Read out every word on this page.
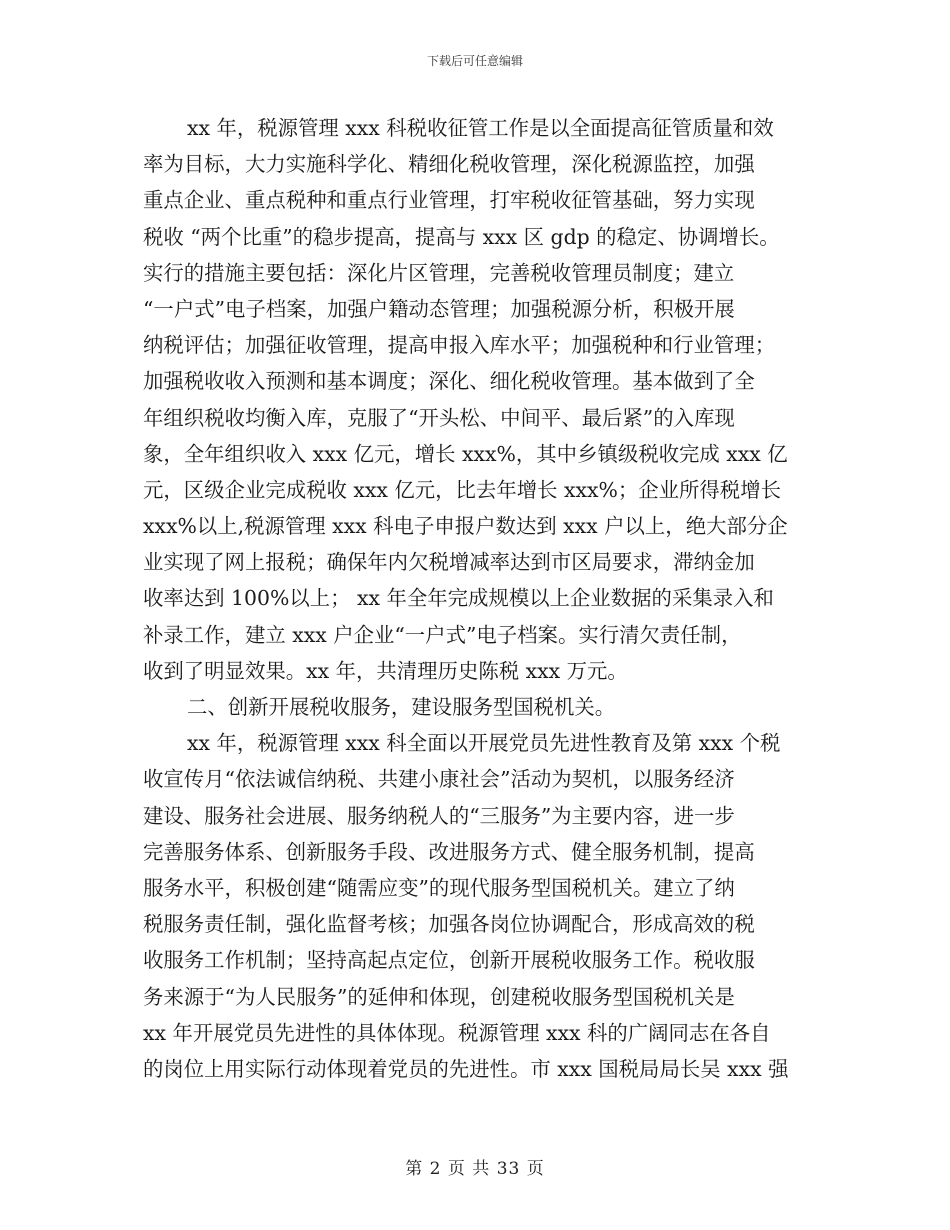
下载后可任意编辑
xx 年，税源管理 xxx 科税收征管工作是以全面提高征管质量和效
率为目标，大力实施科学化、精细化税收管理，深化税源监控，加强
重点企业、重点税种和重点行业管理，打牢税收征管基础，努力实现
税收 “两个比重”的稳步提高，提高与 xxx 区 gdp 的稳定、协调增长。
实行的措施主要包括：深化片区管理，完善税收管理员制度；建立
“一户式”电子档案，加强户籍动态管理；加强税源分析，积极开展
纳税评估；加强征收管理，提高申报入库水平；加强税种和行业管理；
加强税收收入预测和基本调度；深化、细化税收管理。基本做到了全
年组织税收均衡入库，克服了“开头松、中间平、最后紧”的入库现
象，全年组织收入 xxx 亿元，增长 xxx%，其中乡镇级税收完成 xxx 亿
元，区级企业完成税收 xxx 亿元，比去年增长 xxx%；企业所得税增长
xxx%以上,税源管理 xxx 科电子申报户数达到 xxx 户以上，绝大部分企
业实现了网上报税；确保年内欠税增减率达到市区局要求，滞纳金加
收率达到 100%以上； xx 年全年完成规模以上企业数据的采集录入和
补录工作，建立 xxx 户企业“一户式”电子档案。实行清欠责任制，
收到了明显效果。xx 年，共清理历史陈税 xxx 万元。
二、创新开展税收服务，建设服务型国税机关。
xx 年，税源管理 xxx 科全面以开展党员先进性教育及第 xxx 个税
收宣传月“依法诚信纳税、共建小康社会”活动为契机，以服务经济
建设、服务社会进展、服务纳税人的“三服务”为主要内容，进一步
完善服务体系、创新服务手段、改进服务方式、健全服务机制，提高
服务水平，积极创建“随需应变”的现代服务型国税机关。建立了纳
税服务责任制，强化监督考核；加强各岗位协调配合，形成高效的税
收服务工作机制；坚持高起点定位，创新开展税收服务工作。税收服
务来源于“为人民服务”的延伸和体现，创建税收服务型国税机关是
xx 年开展党员先进性的具体体现。税源管理 xxx 科的广阔同志在各自
的岗位上用实际行动体现着党员的先进性。市 xxx 国税局局长吴 xxx 强
第 2 页 共 33 页
